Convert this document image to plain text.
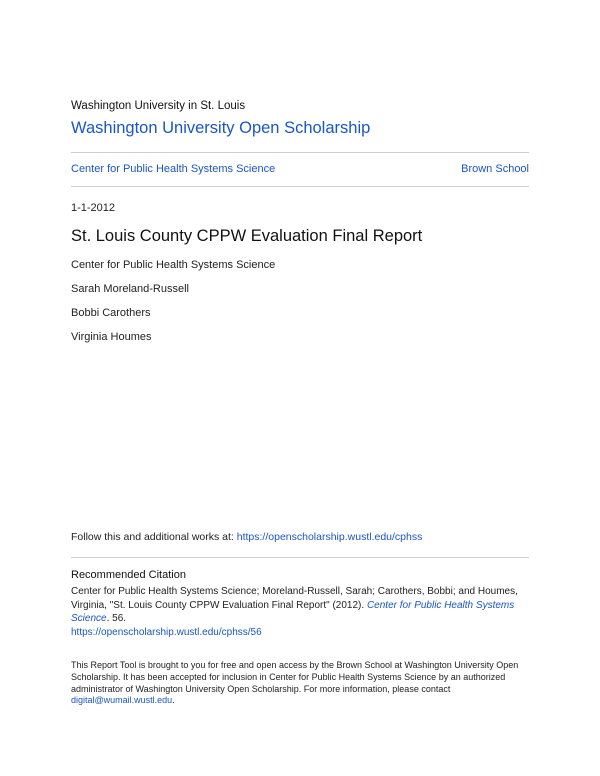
Washington University in St. Louis
Washington University Open Scholarship
Center for Public Health Systems Science	Brown School
1-1-2012
St. Louis County CPPW Evaluation Final Report
Center for Public Health Systems Science
Sarah Moreland-Russell
Bobbi Carothers
Virginia Houmes
Follow this and additional works at: https://openscholarship.wustl.edu/cphss
Recommended Citation
Center for Public Health Systems Science; Moreland-Russell, Sarah; Carothers, Bobbi; and Houmes, Virginia, "St. Louis County CPPW Evaluation Final Report" (2012). Center for Public Health Systems Science. 56.
https://openscholarship.wustl.edu/cphss/56
This Report Tool is brought to you for free and open access by the Brown School at Washington University Open Scholarship. It has been accepted for inclusion in Center for Public Health Systems Science by an authorized administrator of Washington University Open Scholarship. For more information, please contact digital@wumail.wustl.edu.
